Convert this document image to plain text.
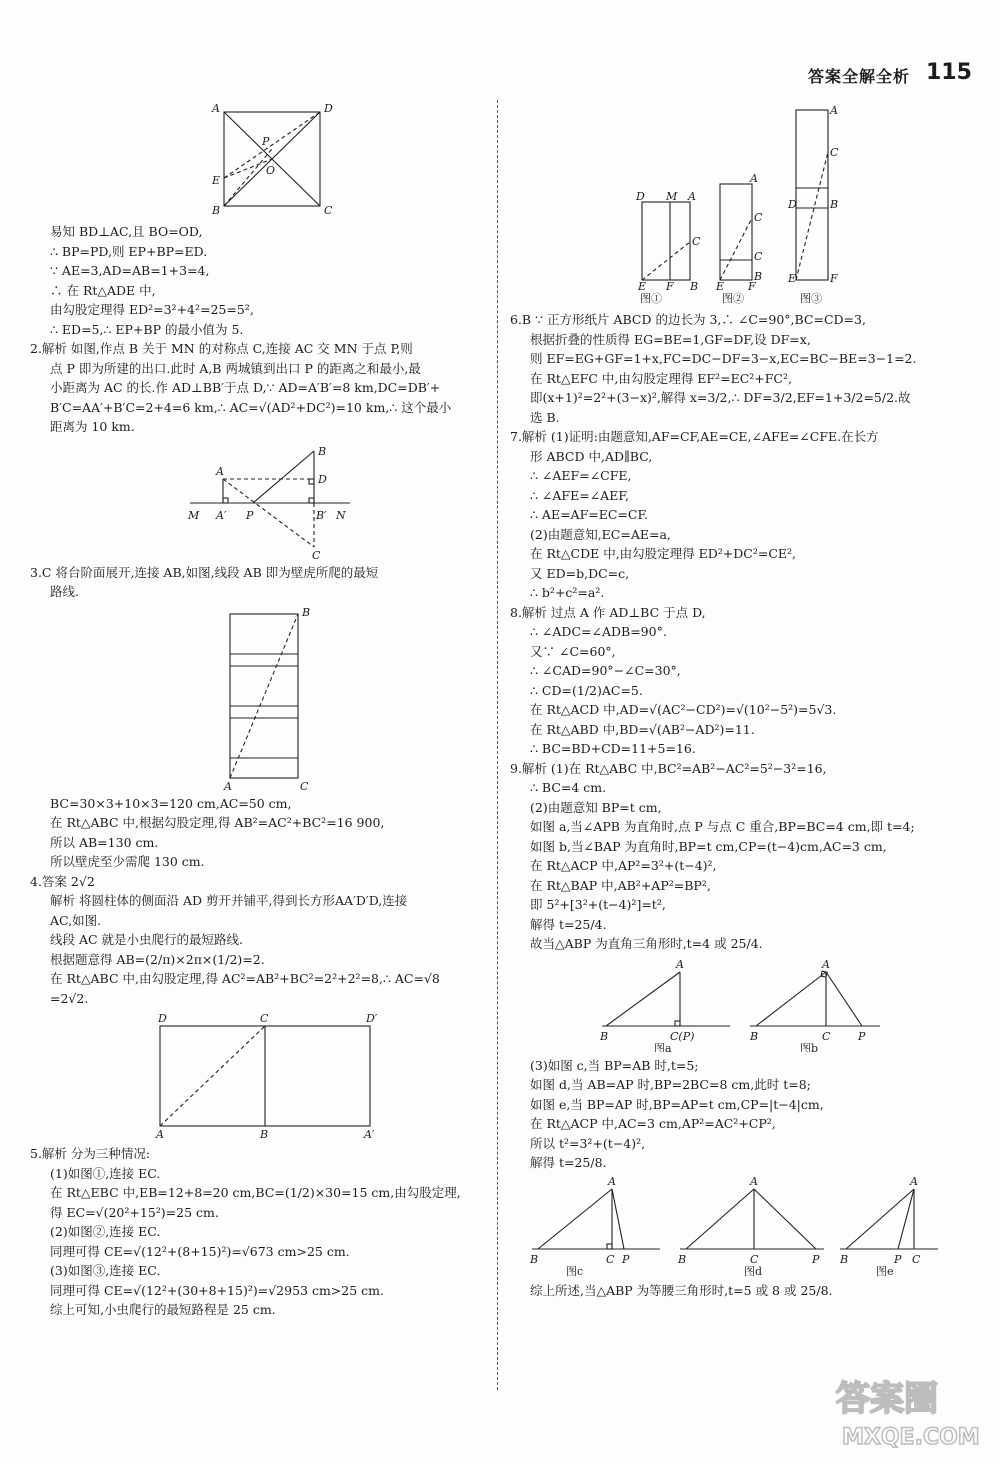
答案全解全析 115
A	D
P
O
E
B	C
易知 BD⊥AC,且 BO=OD,
∴ BP=PD,则 EP+BP=ED.
∵ AE=3,AD=AB=1+3=4,
∴ 在 Rt△ADE 中,
由勾股定理得 ED²=3²+4²=25=5²,
∴ ED=5,∴ EP+BP 的最小值为 5.
2.解析 如图,作点 B 关于 MN 的对称点 C,连接 AC 交 MN 于点 P,则
点 P 即为所建的出口.此时 A,B 两城镇到出口 P 的距离之和最小,最
小距离为 AC 的长.作 AD⊥BB′于点 D,∵ AD=A′B′=8 km,DC=DB′+
B′C=AA′+B′C=2+4=6 km,∴ AC=√(AD²+DC²)=10 km,∴ 这个最小
距离为 10 km.
A
B
D
M A′ P	B′ N
C
3.C 将台阶面展开,连接 AB,如图,线段 AB 即为壁虎所爬的最短
路线.
B
A	C
BC=30×3+10×3=120 cm,AC=50 cm,
在 Rt△ABC 中,根据勾股定理,得 AB²=AC²+BC²=16 900,
所以 AB=130 cm.
所以壁虎至少需爬 130 cm.
4.答案 2√2
解析 将圆柱体的侧面沿 AD 剪开并铺平,得到长方形AA′D′D,连接
AC,如图.
线段 AC 就是小虫爬行的最短路线.
根据题意得 AB=(2/π)×2π×(1/2)=2.
在 Rt△ABC 中,由勾股定理,得 AC²=AB²+BC²=2²+2²=8,∴ AC=√8
=2√2.
D	C	D′
A	B	A′
5.解析 分为三种情况:
(1)如图①,连接 EC.
在 Rt△EBC 中,EB=12+8=20 cm,BC=(1/2)×30=15 cm,由勾股定理,
得 EC=√(20²+15²)=25 cm.
(2)如图②,连接 EC.
同理可得 CE=√(12²+(8+15)²)=√673 cm>25 cm.
(3)如图③,连接 EC.
同理可得 CE=√(12²+(30+8+15)²)=√2953 cm>25 cm.
综上可知,小虫爬行的最短路程是 25 cm.
D M A
C
E F B
C
A
C
B
E F
A
C
D	B
E	F
图①	图②	图③
6.B ∵ 正方形纸片 ABCD 的边长为 3,∴ ∠C=90°,BC=CD=3,
根据折叠的性质得 EG=BE=1,GF=DF,设 DF=x,
则 EF=EG+GF=1+x,FC=DC−DF=3−x,EC=BC−BE=3−1=2.
在 Rt△EFC 中,由勾股定理得 EF²=EC²+FC²,
即(x+1)²=2²+(3−x)²,解得 x=3/2,∴ DF=3/2,EF=1+3/2=5/2.故
选 B.
7.解析 (1)证明:由题意知,AF=CF,AE=CE,∠AFE=∠CFE.在长方
形 ABCD 中,AD∥BC,
∴ ∠AEF=∠CFE,
∴ ∠AFE=∠AEF,
∴ AE=AF=EC=CF.
(2)由题意知,EC=AE=a,
在 Rt△CDE 中,由勾股定理得 ED²+DC²=CE²,
又 ED=b,DC=c,
∴ b²+c²=a².
8.解析 过点 A 作 AD⊥BC 于点 D,
∴ ∠ADC=∠ADB=90°.
又∵ ∠C=60°,
∴ ∠CAD=90°−∠C=30°,
∴ CD=(1/2)AC=5.
在 Rt△ACD 中,AD=√(AC²−CD²)=√(10²−5²)=5√3.
在 Rt△ABD 中,BD=√(AB²−AD²)=11.
∴ BC=BD+CD=11+5=16.
9.解析 (1)在 Rt△ABC 中,BC²=AB²−AC²=5²−3²=16,
∴ BC=4 cm.
(2)由题意知 BP=t cm,
如图 a,当∠APB 为直角时,点 P 与点 C 重合,BP=BC=4 cm,即 t=4;
如图 b,当∠BAP 为直角时,BP=t cm,CP=(t−4)cm,AC=3 cm,
在 Rt△ACP 中,AP²=3²+(t−4)²,
在 Rt△BAP 中,AB²+AP²=BP²,
即 5²+[3²+(t−4)²]=t²,
解得 t=25/4.
故当△ABP 为直角三角形时,t=4 或 25/4.
A
B	C(P)
A
B	C	P
图a	图b
(3)如图 c,当 BP=AB 时,t=5;
如图 d,当 AB=AP 时,BP=2BC=8 cm,此时 t=8;
如图 e,当 BP=AP 时,BP=AP=t cm,CP=|t−4|cm,
在 Rt△ACP 中,AC=3 cm,AP²=AC²+CP²,
所以 t²=3²+(t−4)²,
解得 t=25/8.
A
B	C P
A
B	C	P
A
B	P C
图c	图d	图e
综上所述,当△ABP 为等腰三角形时,t=5 或 8 或 25/8.
答案圈
MXQE.COM
